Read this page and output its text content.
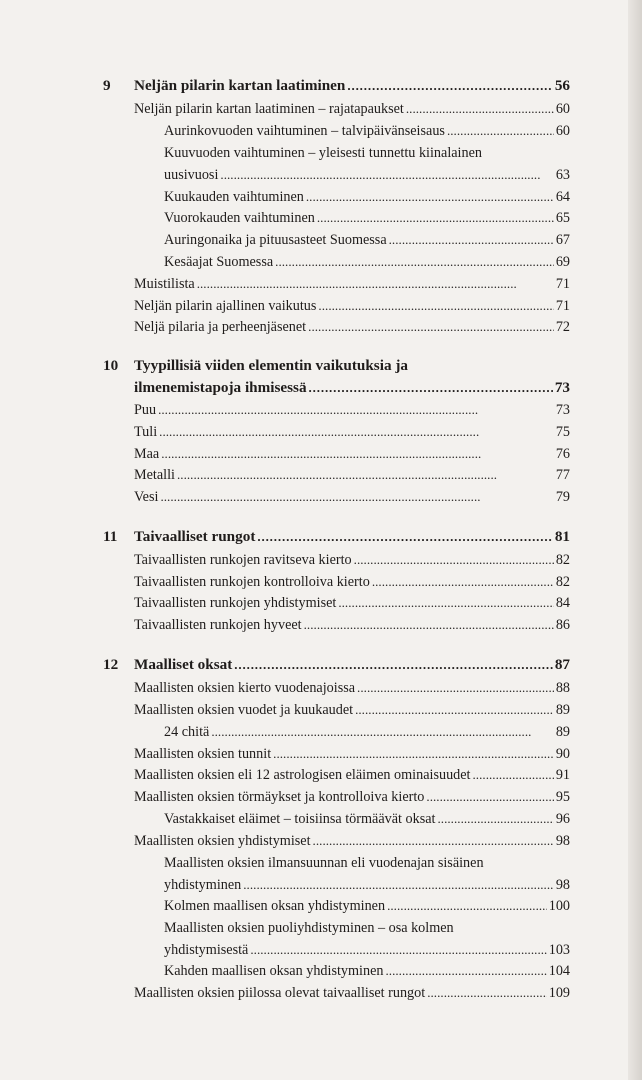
9 Neljän pilarin kartan laatiminen . . .	56
Neljän pilarin kartan laatiminen – rajatapaukset . . .	60
Aurinkovuoden vaihtuminen – talvipäivänseisaus . . .	60
Kuuvuoden vaihtuminen – yleisesti tunnettu kiinalainen
uusivuosi . . .	63
Kuukauden vaihtuminen . . .	64
Vuorokauden vaihtuminen . . .	65
Auringonaika ja pituusasteet Suomessa . . .	67
Kesäajat Suomessa . . .	69
Muistilista . . .	71
Neljän pilarin ajallinen vaikutus . . .	71
Neljä pilaria ja perheenjäsenet . . .	72
10 Tyypillisiä viiden elementin vaikutuksia ja
ilmenemistapoja ihmisessä . . .	73
Puu . . .	73
Tuli . . .	75
Maa . . .	76
Metalli . . .	77
Vesi . . .	79
11 Taivaalliset rungot . . .	81
Taivaallisten runkojen ravitseva kierto . . .	82
Taivaallisten runkojen kontrolloiva kierto . . .	82
Taivaallisten runkojen yhdistymiset . . .	84
Taivaallisten runkojen hyveet . . .	86
12 Maalliset oksat . . .	87
Maallisten oksien kierto vuodenajoissa . . .	88
Maallisten oksien vuodet ja kuukaudet . . .	89
24 chitä . . .	89
Maallisten oksien tunnit . . .	90
Maallisten oksien eli 12 astrologisen eläimen ominaisuudet . . .	91
Maallisten oksien törmäykset ja kontrolloiva kierto . . .	95
Vastakkaiset eläimet – toisiinsa törmäävät oksat . . .	96
Maallisten oksien yhdistymiset . . .	98
Maallisten oksien ilmansuunnan eli vuodenajan sisäinen
yhdistyminen . . .	98
Kolmen maallisen oksan yhdistyminen . . .	100
Maallisten oksien puoliyhdistyminen – osa kolmen
yhdistymisestä . . .	103
Kahden maallisen oksan yhdistyminen . . .	104
Maallisten oksien piilossa olevat taivaalliset rungot . . .	109
